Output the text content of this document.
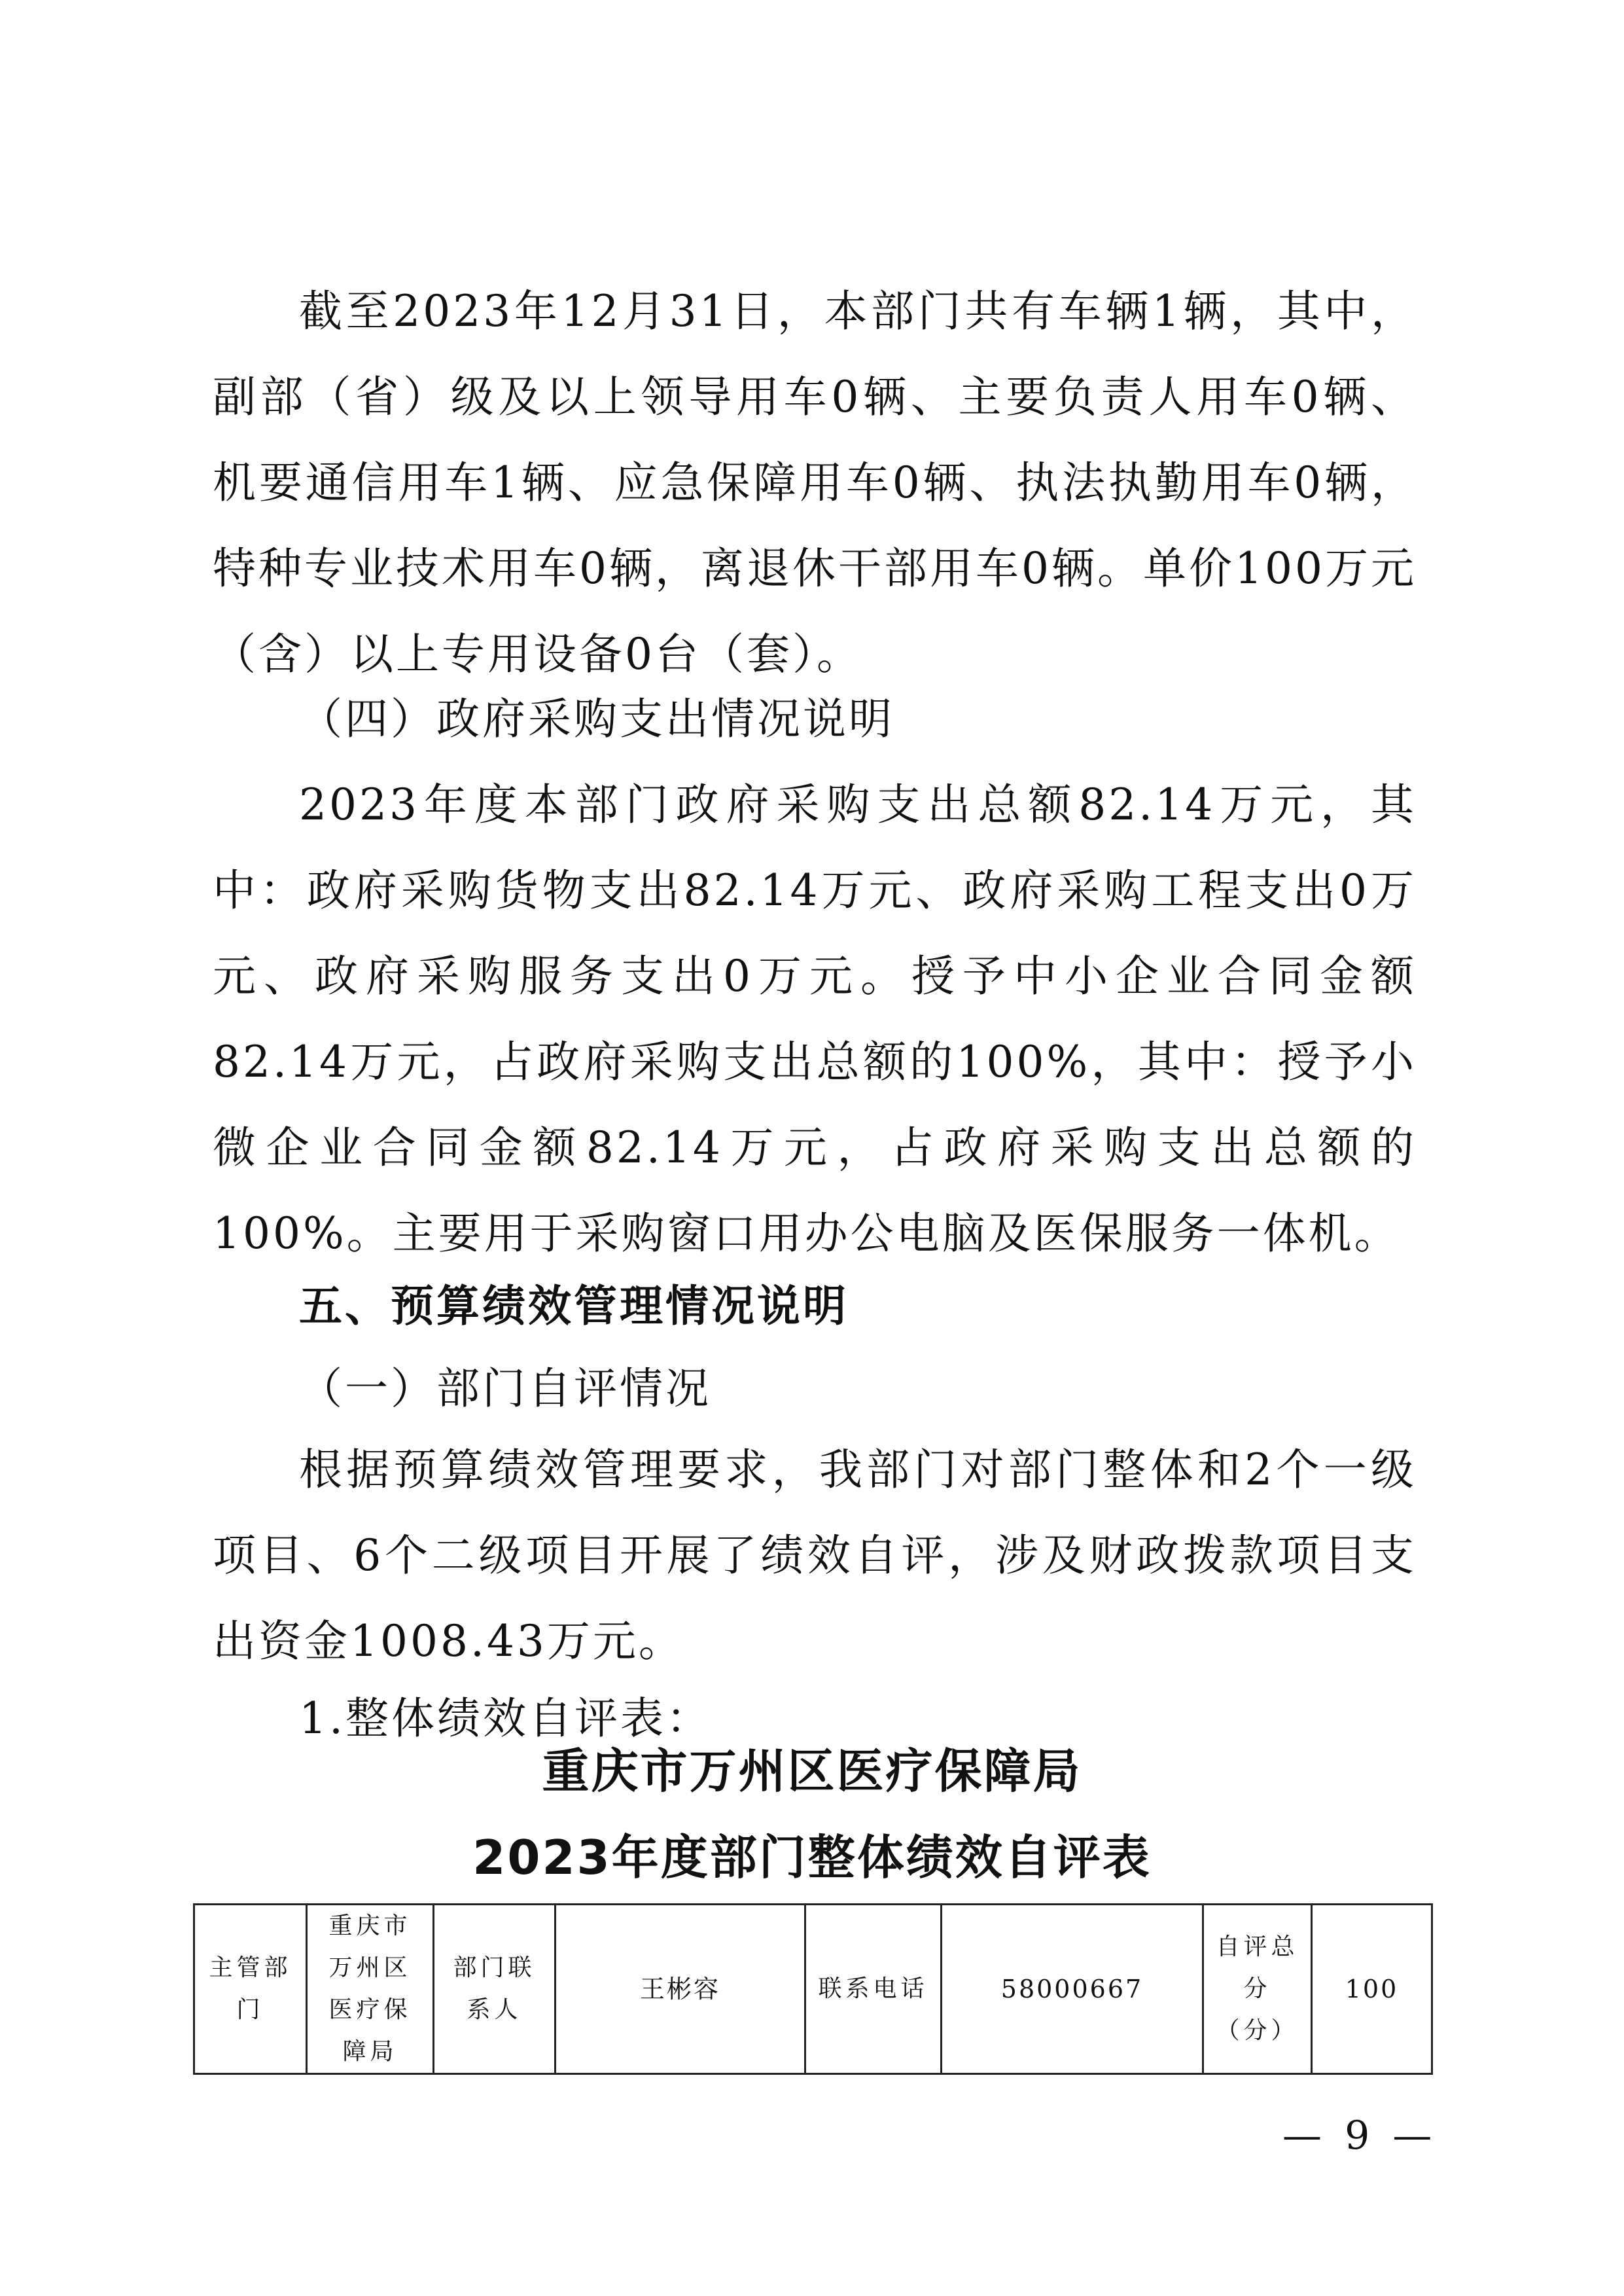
截至2023年12月31日，本部门共有车辆1辆，其中，副部（省）级及以上领导用车0辆、主要负责人用车0辆、机要通信用车1辆、应急保障用车0辆、执法执勤用车0辆，特种专业技术用车0辆，离退休干部用车0辆。单价100万元（含）以上专用设备0台（套）。

（四）政府采购支出情况说明

2023年度本部门政府采购支出总额82.14万元，其中：政府采购货物支出82.14万元、政府采购工程支出0万元、政府采购服务支出0万元。授予中小企业合同金额82.14万元，占政府采购支出总额的100%，其中：授予小微企业合同金额82.14万元，占政府采购支出总额的100%。主要用于采购窗口用办公电脑及医保服务一体机。

五、预算绩效管理情况说明

（一）部门自评情况

根据预算绩效管理要求，我部门对部门整体和2个一级项目、6个二级项目开展了绩效自评，涉及财政拨款项目支出资金1008.43万元。

1.整体绩效自评表：

重庆市万州区医疗保障局

2023年度部门整体绩效自评表

主管部门	重庆市万州区医疗保障局	部门联系人	王彬容	联系电话	58000667	自评总分（分）	100
— 9 —
